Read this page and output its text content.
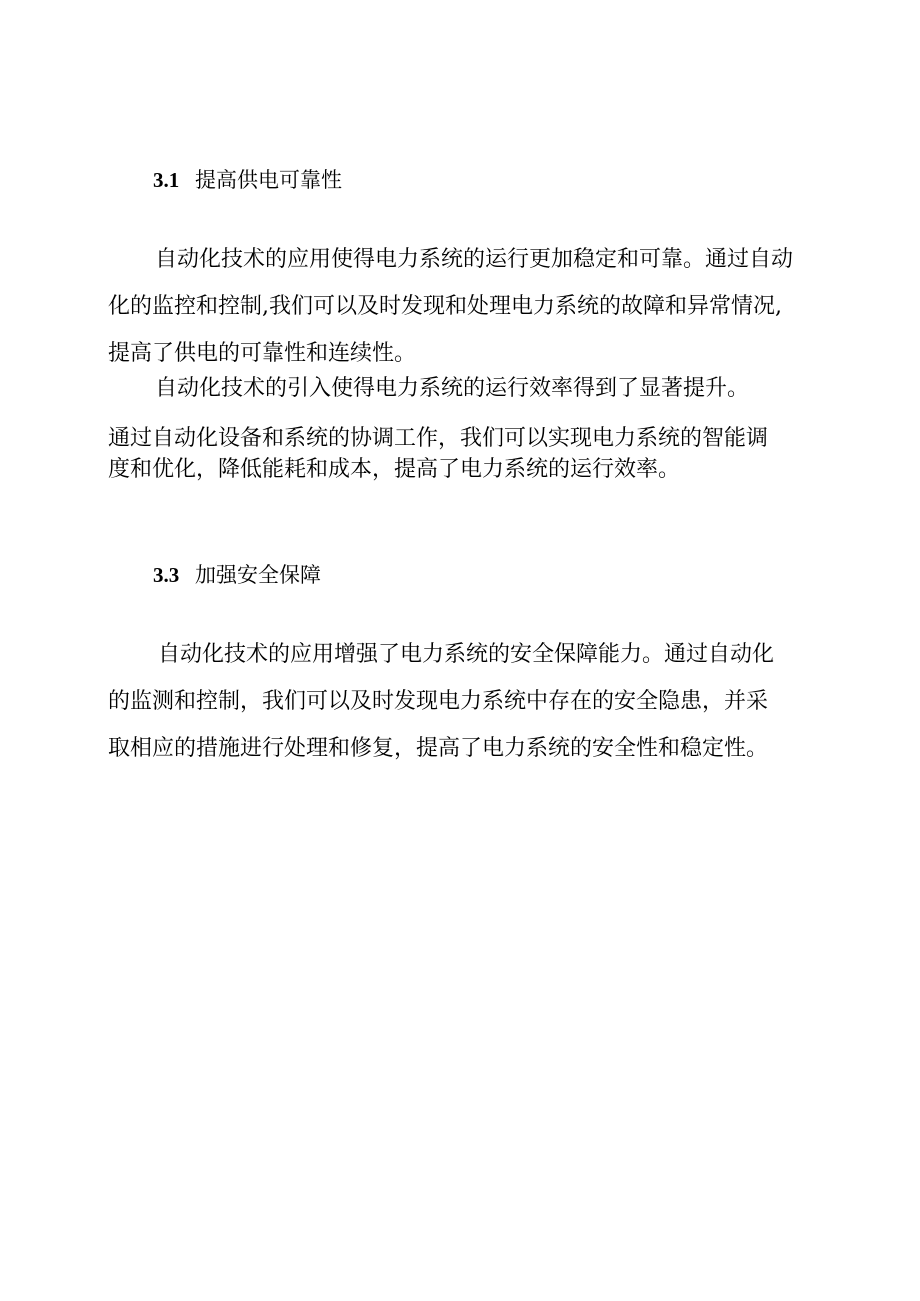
3.1 提高供电可靠性
自动化技术的应用使得电力系统的运行更加稳定和可靠。通过自动
化的监控和控制,我们可以及时发现和处理电力系统的故障和异常情况,
提高了供电的可靠性和连续性。
自动化技术的引入使得电力系统的运行效率得到了显著提升。
通过自动化设备和系统的协调工作，我们可以实现电力系统的智能调
度和优化，降低能耗和成本，提高了电力系统的运行效率。
3.3 加强安全保障
自动化技术的应用增强了电力系统的安全保障能力。通过自动化
的监测和控制，我们可以及时发现电力系统中存在的安全隐患，并采
取相应的措施进行处理和修复，提高了电力系统的安全性和稳定性。
